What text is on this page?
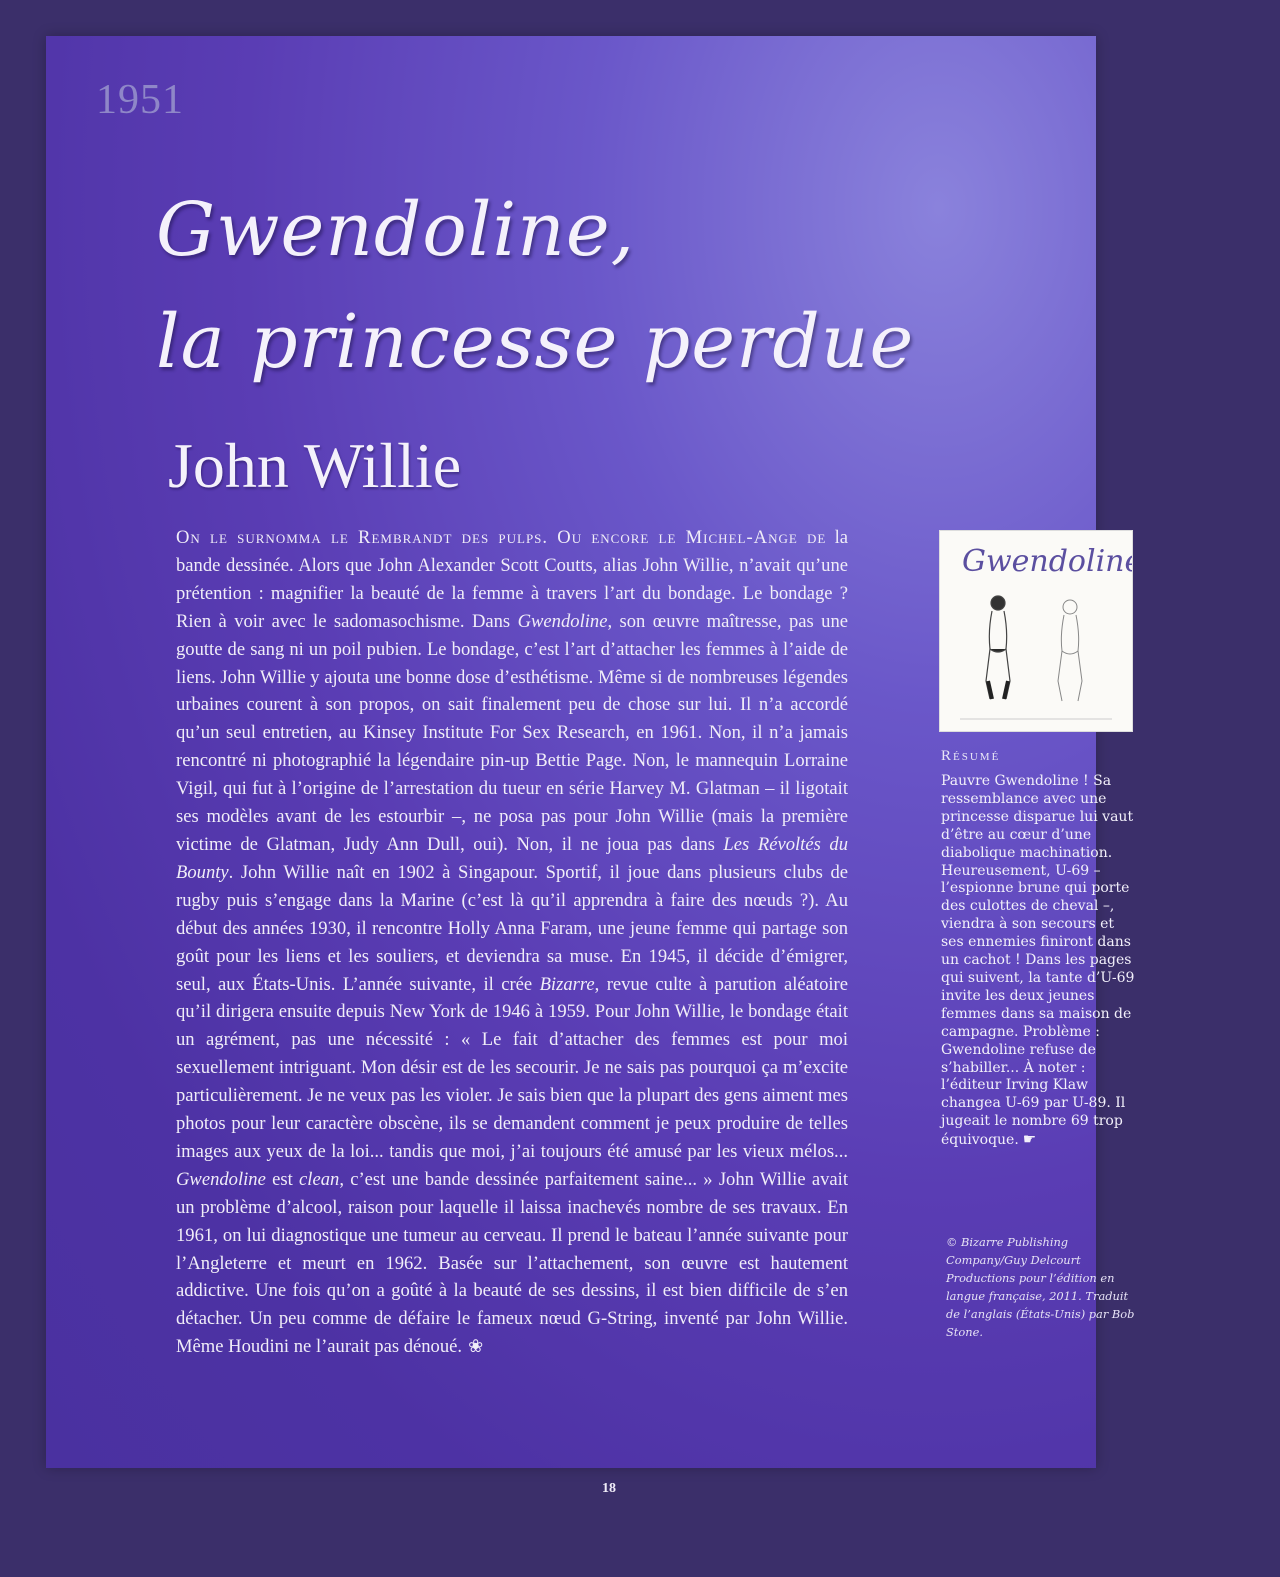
1951
Gwendoline,
la princesse perdue
John Willie

On le surnomma le Rembrandt des pulps. Ou encore le Michel-Ange de la bande dessinée. Alors que John Alexander Scott Coutts, alias John Willie, n’avait qu’une prétention : magnifier la beauté de la femme à travers l’art du bondage. Le bondage ? Rien à voir avec le sadomasochisme. Dans Gwendoline, son œuvre maîtresse, pas une goutte de sang ni un poil pubien. Le bondage, c’est l’art d’attacher les femmes à l’aide de liens. John Willie y ajouta une bonne dose d’esthétisme. Même si de nombreuses légendes urbaines courent à son propos, on sait finalement peu de chose sur lui. Il n’a accordé qu’un seul entretien, au Kinsey Institute For Sex Research, en 1961. Non, il n’a jamais rencontré ni photographié la légendaire pin-up Bettie Page. Non, le mannequin Lorraine Vigil, qui fut à l’origine de l’arrestation du tueur en série Harvey M. Glatman – il ligotait ses modèles avant de les estourbir –, ne posa pas pour John Willie (mais la première victime de Glatman, Judy Ann Dull, oui). Non, il ne joua pas dans Les Révoltés du Bounty. John Willie naît en 1902 à Singapour. Sportif, il joue dans plusieurs clubs de rugby puis s’engage dans la Marine (c’est là qu’il apprendra à faire des nœuds ?). Au début des années 1930, il rencontre Holly Anna Faram, une jeune femme qui partage son goût pour les liens et les souliers, et deviendra sa muse. En 1945, il décide d’émigrer, seul, aux États-Unis. L’année suivante, il crée Bizarre, revue culte à parution aléatoire qu’il dirigera ensuite depuis New York de 1946 à 1959. Pour John Willie, le bondage était un agrément, pas une nécessité : « Le fait d’attacher des femmes est pour moi sexuellement intriguant. Mon désir est de les secourir. Je ne sais pas pourquoi ça m’excite particulièrement. Je ne veux pas les violer. Je sais bien que la plupart des gens aiment mes photos pour leur caractère obscène, ils se demandent comment je peux produire de telles images aux yeux de la loi... tandis que moi, j’ai toujours été amusé par les vieux mélos... Gwendoline est clean, c’est une bande dessinée parfaitement saine... » John Willie avait un problème d’alcool, raison pour laquelle il laissa inachevés nombre de ses travaux. En 1961, on lui diagnostique une tumeur au cerveau. Il prend le bateau l’année suivante pour l’Angleterre et meurt en 1962. Basée sur l’attachement, son œuvre est hautement addictive. Une fois qu’on a goûté à la beauté de ses dessins, il est bien difficile de s’en détacher. Un peu comme de défaire le fameux nœud G-String, inventé par John Willie. Même Houdini ne l’aurait pas dénoué. ❀

Gwendoline
Résumé

Pauvre Gwendoline ! Sa ressemblance avec une princesse disparue lui vaut d’être au cœur d’une diabolique machination. Heureusement, U-69 – l’espionne brune qui porte des culottes de cheval –, viendra à son secours et ses ennemies finiront dans un cachot ! Dans les pages qui suivent, la tante d’U-69 invite les deux jeunes femmes dans sa maison de campagne. Problème : Gwendoline refuse de s’habiller... À noter : l’éditeur Irving Klaw changea U-69 par U-89. Il jugeait le nombre 69 trop équivoque. ☛

© Bizarre Publishing Company/Guy Delcourt Productions pour l’édition en langue française, 2011. Traduit de l’anglais (États-Unis) par Bob Stone.

18
